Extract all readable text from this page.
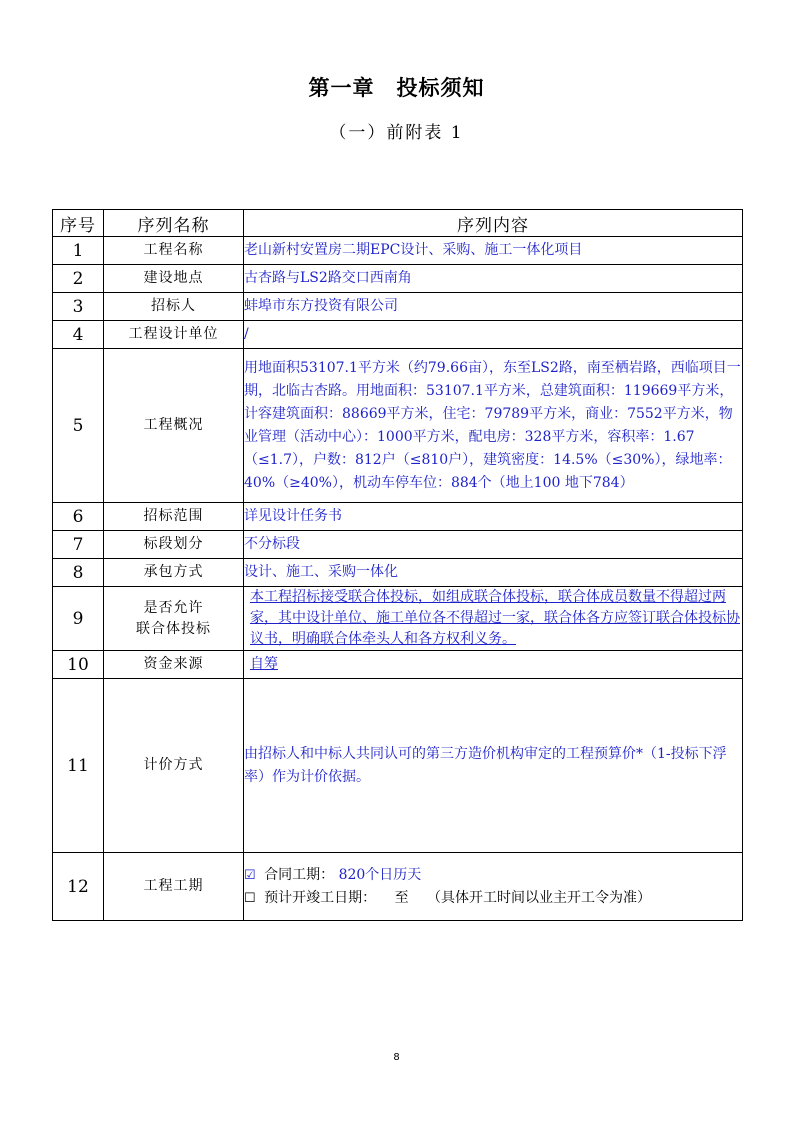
第一章　投标须知
（一）前附表 1
序号	序列名称	序列内容
1	工程名称	老山新村安置房二期EPC设计、采购、施工一体化项目
2	建设地点	古杏路与LS2路交口西南角
3	招标人	蚌埠市东方投资有限公司
4	工程设计单位	/
5	工程概况	用地面积53107.1平方米（约79.66亩），东至LS2路，南至栖岩路，西临项目一期，北临古杏路。用地面积：53107.1平方米，总建筑面积：119669平方米，计容建筑面积：88669平方米，住宅：79789平方米，商业：7552平方米，物业管理（活动中心）：1000平方米，配电房：328平方米，容积率：1.67（≤1.7），户数：812户（≤810户），建筑密度：14.5%（≤30%），绿地率：40%（≥40%），机动车停车位：884个（地上100 地下784）
6	招标范围	详见设计任务书
7	标段划分	不分标段
8	承包方式	设计、施工、采购一体化
9	是否允许
联合体投标	本工程招标接受联合体投标，如组成联合体投标，联合体成员数量不得超过两家，其中设计单位、施工单位各不得超过一家，联合体各方应签订联合体投标协议书，明确联合体牵头人和各方权利义务。
10	资金来源	自筹
11	计价方式	由招标人和中标人共同认可的第三方造价机构审定的工程预算价*（1-投标下浮率）作为计价依据。
12	工程工期	☑ 合同工期： 820个日历天
☐ 预计开竣工日期： 至 （具体开工时间以业主开工令为准）
8
